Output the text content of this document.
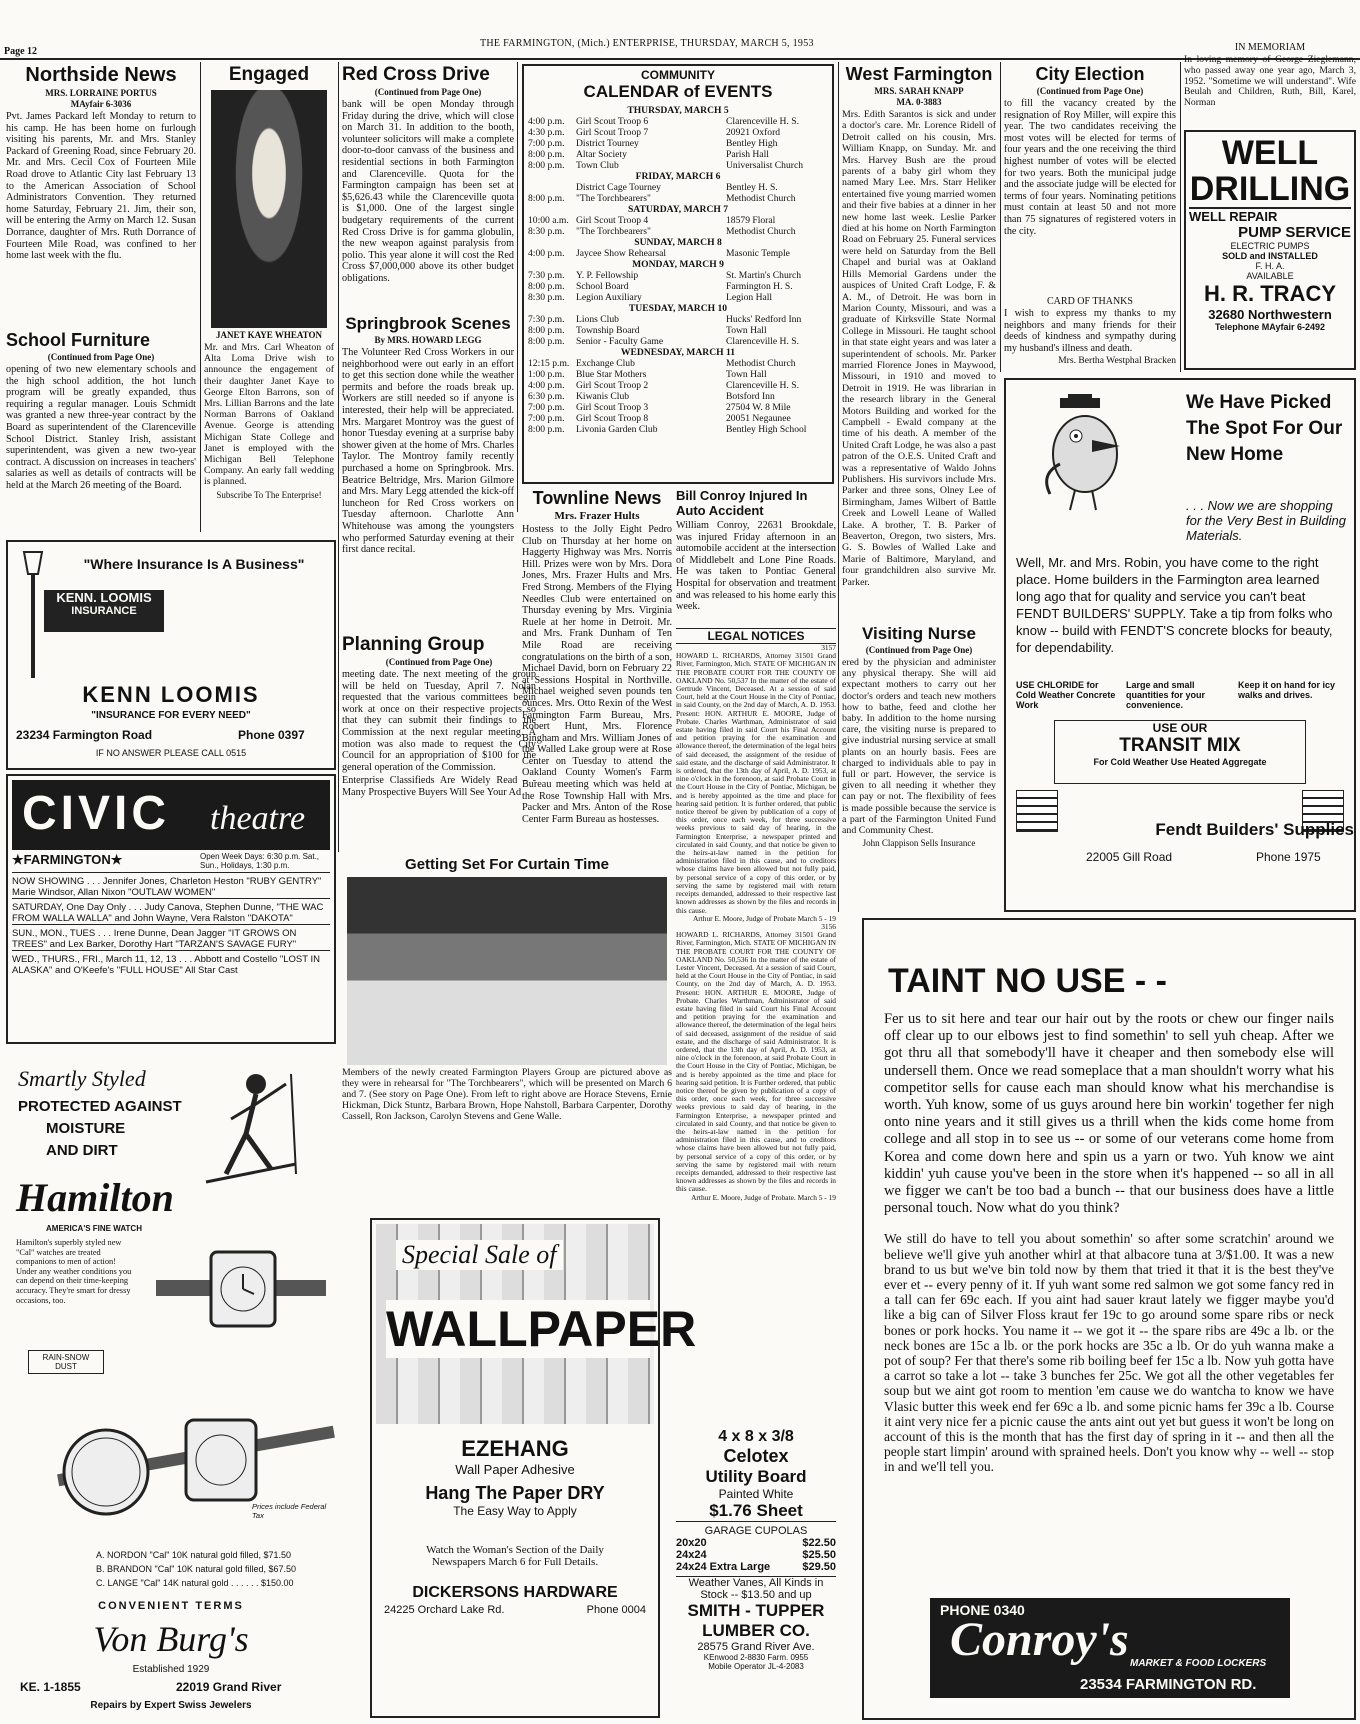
Page 12
THE FARMINGTON, (Mich.) ENTERPRISE, THURSDAY, MARCH 5, 1953
Northside News
MRS. LORRAINE PORTUS
MAyfair 6-3036

Pvt. James Packard left Monday to return to his camp. He has been home on furlough visiting his parents, Mr. and Mrs. Stanley Packard of Greening Road, since February 20. Mr. and Mrs. Cecil Cox of Fourteen Mile Road drove to Atlantic City last February 13 to the American Association of School Administrators Convention. They returned home Saturday, February 21. Jim, their son, will be entering the Army on March 12. Susan Dorrance, daughter of Mrs. Ruth Dorrance of Fourteen Mile Road, was confined to her home last week with the flu.

School Furniture
(Continued from Page One)

opening of two new elementary schools and the high school addition, the hot lunch program will be greatly expanded, thus requiring a regular manager. Louis Schmidt was granted a new three-year contract by the Board as superintendent of the Clarenceville School District. Stanley Irish, assistant superintendent, was given a new two-year contract. A discussion on increases in teachers' salaries as well as details of contracts will be held at the March 26 meeting of the Board.

Engaged
JANET KAYE WHEATON

Mr. and Mrs. Carl Wheaton of Alta Loma Drive wish to announce the engagement of their daughter Janet Kaye to George Elton Barrons, son of Mrs. Lillian Barrons and the late Norman Barrons of Oakland Avenue. George is attending Michigan State College and Janet is employed with the Michigan Bell Telephone Company. An early fall wedding is planned.

Subscribe To The Enterprise!
Red Cross Drive
(Continued from Page One)

bank will be open Monday through Friday during the drive, which will close on March 31. In addition to the booth, volunteer solicitors will make a complete door-to-door canvass of the business and residential sections in both Farmington and Clarenceville. Quota for the Farmington campaign has been set at $5,626.43 while the Clarenceville quota is $1,000. One of the largest single budgetary requirements of the current Red Cross Drive is for gamma globulin, the new weapon against paralysis from polio. This year alone it will cost the Red Cross $7,000,000 above its other budget obligations.

Springbrook Scenes
By MRS. HOWARD LEGG

The Volunteer Red Cross Workers in our neighborhood were out early in an effort to get this section done while the weather permits and before the roads break up. Workers are still needed so if anyone is interested, their help will be appreciated. Mrs. Margaret Montroy was the guest of honor Tuesday evening at a surprise baby shower given at the home of Mrs. Charles Taylor. The Montroy family recently purchased a home on Springbrook. Mrs. Beatrice Beltridge, Mrs. Marion Gilmore and Mrs. Mary Legg attended the kick-off luncheon for Red Cross workers on Tuesday afternoon. Charlotte Ann Whitehouse was among the youngsters who performed Saturday evening at their first dance recital.

Planning Group
(Continued from Page One)

meeting date. The next meeting of the group will be held on Tuesday, April 7. Nolan requested that the various committees begin work at once on their respective projects so that they can submit their findings to the Commission at the next regular meeting. A motion was also made to request the City Council for an appropriation of $100 for the general operation of the Commission.

Enterprise Classifieds Are Widely Read - - Many Prospective Buyers Will See Your Ad

COMMUNITY
CALENDAR of EVENTS
THURSDAY, MARCH 5
4:00 p.m.	Girl Scout Troop 6	Clarenceville H. S.
4:30 p.m.	Girl Scout Troop 7	20921 Oxford
7:00 p.m.	District Tourney	Bentley High
8:00 p.m.	Altar Society	Parish Hall
8:00 p.m.	Town Club	Universalist Church
FRIDAY, MARCH 6
District Cage Tourney	Bentley H. S.
8:00 p.m.	"The Torchbearers"	Methodist Church
SATURDAY, MARCH 7
10:00 a.m. Girl Scout Troop 4	18579 Floral
8:30 p.m.	"The Torchbearers"	Methodist Church
SUNDAY, MARCH 8
4:00 p.m.	Jaycee Show Rehearsal	Masonic Temple
MONDAY, MARCH 9
7:30 p.m.	Y. P. Fellowship	St. Martin's Church
8:00 p.m.	School Board	Farmington H. S.
8:30 p.m.	Legion Auxiliary	Legion Hall
TUESDAY, MARCH 10
7:30 p.m.	Lions Club	Hucks' Redford Inn
8:00 p.m.	Township Board	Town Hall
8:00 p.m.	Senior - Faculty Game	Clarenceville H. S.
WEDNESDAY, MARCH 11
12:15 p.m. Exchange Club	Methodist Church
1:00 p.m.	Blue Star Mothers	Town Hall
4:00 p.m.	Girl Scout Troop 2	Clarenceville H. S.
6:30 p.m.	Kiwanis Club	Botsford Inn
7:00 p.m.	Girl Scout Troop 3	27504 W. 8 Mile
7:00 p.m.	Girl Scout Troop 8	20051 Negaunee
8:00 p.m.	Livonia Garden Club	Bentley High School
Townline News
Mrs. Frazer Hults

Hostess to the Jolly Eight Pedro Club on Thursday at her home on Haggerty Highway was Mrs. Norris Hill. Prizes were won by Mrs. Dora Jones, Mrs. Frazer Hults and Mrs. Fred Strong. Members of the Flying Needles Club were entertained on Thursday evening by Mrs. Virginia Ruele at her home in Detroit. Mr. and Mrs. Frank Dunham of Ten Mile Road are receiving congratulations on the birth of a son, Michael David, born on February 22 at Sessions Hospital in Northville. Michael weighed seven pounds ten ounces. Mrs. Otto Rexin of the West Farmington Farm Bureau, Mrs. Robert Hunt, Mrs. Florence Bingham and Mrs. William Jones of the Walled Lake group were at Rose Center on Tuesday to attend the Oakland County Women's Farm Bureau meeting which was held at the Rose Township Hall with Mrs. Packer and Mrs. Anton of the Rose Center Farm Bureau as hostesses.

Bill Conroy Injured In Auto Accident

William Conroy, 22631 Brookdale, was injured Friday afternoon in an automobile accident at the intersection of Middlebelt and Lone Pine Roads. He was taken to Pontiac General Hospital for observation and treatment and was released to his home early this week.

LEGAL NOTICES
3157

HOWARD L. RICHARDS, Attorney 31501 Grand River, Farmington, Mich. STATE OF MICHIGAN IN THE PROBATE COURT FOR THE COUNTY OF OAKLAND No. 50,537 In the matter of the estate of Gertrude Vincent, Deceased. At a session of said Court, held at the Court House in the City of Pontiac, in said County, on the 2nd day of March, A. D. 1953. Present: HON. ARTHUR E. MOORE, Judge of Probate. Charles Warthman, Administrator of said estate having filed in said Court his Final Account and petition praying for the examination and allowance thereof, the determination of the legal heirs of said deceased, the assignment of the residue of said estate, and the discharge of said Administrator. It is ordered, that the 13th day of April, A. D. 1953, at nine o'clock in the forenoon, at said Probate Court in the Court House in the City of Pontiac, Michigan, be and is hereby appointed as the time and place for hearing said petition. It is further ordered, that public notice thereof be given by publication of a copy of this order, once each week, for three successive weeks previous to said day of hearing, in the Farmington Enterprise, a newspaper printed and circulated in said County, and that notice be given to the heirs-at-law named in the petition for administration filed in this cause, and to creditors whose claims have been allowed but not fully paid, by personal service of a copy of this order, or by serving the same by registered mail with return receipts demanded, addressed to their respective last known addresses as shown by the files and records in this cause.

Arthur E. Moore, Judge of Probate March 5 - 19
3156

HOWARD L. RICHARDS, Attorney 31501 Grand River, Farmington, Mich. STATE OF MICHIGAN IN THE PROBATE COURT FOR THE COUNTY OF OAKLAND No. 50,536 In the matter of the estate of Lester Vincent, Deceased. At a session of said Court, held at the Court House in the City of Pontiac, in said County, on the 2nd day of March, A. D. 1953. Present: HON. ARTHUR E. MOORE, Judge of Probate. Charles Warthman, Administrator of said estate having filed in said Court his Final Account and petition praying for the examination and allowance thereof, the determination of the legal heirs of said deceased, assignment of the residue of said estate, and the discharge of said Administrator. It is ordered, that the 13th day of April, A. D. 1953, at nine o'clock in the forenoon, at said Probate Court in the Court House in the City of Pontiac, Michigan, be and is hereby appointed as the time and place for hearing said petition. It is Further ordered, that public notice thereof be given by publication of a copy of this order, once each week, for three successive weeks previous to said day of hearing, in the Farmington Enterprise, a newspaper printed and circulated in said County, and that notice be given to the heirs-at-law named in the petition for administration filed in this cause, and to creditors whose claims have been allowed but not fully paid, by personal service of a copy of this order, or by serving the same by registered mail with return receipts demanded, addressed to their respective last known addresses as shown by the files and records in this cause.

Arthur E. Moore, Judge of Probate. March 5 - 19
West Farmington
MRS. SARAH KNAPP
MA. 0-3883

Mrs. Edith Sarantos is sick and under a doctor's care. Mr. Lorence Ridell of Detroit called on his cousin, Mrs. William Knapp, on Sunday. Mr. and Mrs. Harvey Bush are the proud parents of a baby girl whom they named Mary Lee. Mrs. Starr Heliker entertained five young married women and their five babies at a dinner in her new home last week. Leslie Parker died at his home on North Farmington Road on February 25. Funeral services were held on Saturday from the Bell Chapel and burial was at Oakland Hills Memorial Gardens under the auspices of United Craft Lodge, F. & A. M., of Detroit. He was born in Marion County, Missouri, and was a graduate of Kirksville State Normal College in Missouri. He taught school in that state eight years and was later a superintendent of schools. Mr. Parker married Florence Jones in Maywood, Missouri, in 1910 and moved to Detroit in 1919. He was librarian in the research library in the General Motors Building and worked for the Campbell - Ewald company at the time of his death. A member of the United Craft Lodge, he was also a past patron of the O.E.S. United Craft and was a representative of Waldo Johns Publishers. His survivors include Mrs. Parker and three sons, Olney Lee of Birmingham, James Wilbert of Battle Creek and Lowell Leane of Walled Lake. A brother, T. B. Parker of Beaverton, Oregon, two sisters, Mrs. G. S. Bowles of Walled Lake and Marie of Baltimore, Maryland, and four grandchildren also survive Mr. Parker.

Visiting Nurse
(Continued from Page One)

ered by the physician and administer any physical therapy. She will aid expectant mothers to carry out her doctor's orders and teach new mothers how to bathe, feed and clothe her baby. In addition to the home nursing care, the visiting nurse is prepared to give industrial nursing service at small plants on an hourly basis. Fees are charged to individuals able to pay in full or part. However, the service is given to all needing it whether they can pay or not. The flexibility of fees is made possible because the service is a part of the Farmington United Fund and Community Chest.

John Clappison Sells Insurance
City Election
(Continued from Page One)

to fill the vacancy created by the resignation of Roy Miller, will expire this year. The two candidates receiving the most votes will be elected for terms of four years and the one receiving the third highest number of votes will be elected for two years. Both the municipal judge and the associate judge will be elected for terms of four years. Nominating petitions must contain at least 50 and not more than 75 signatures of registered voters in the city.

CARD OF THANKS

I wish to express my thanks to my neighbors and many friends for their deeds of kindness and sympathy during my husband's illness and death.

Mrs. Bertha Westphal Bracken
IN MEMORIAM

In loving memory of George Zieglemann, who passed away one year ago, March 3, 1952. "Sometime we will understand". Wife Beulah and Children, Ruth, Bill, Karel, Norman

WELL
DRILLING
WELL REPAIR
PUMP SERVICE
ELECTRIC PUMPS
SOLD and INSTALLED
F. H. A.
AVAILABLE
H. R. TRACY
32680 Northwestern
Telephone MAyfair 6-2492
We Have Picked The Spot For Our New Home
. . . Now we are shopping for the Very Best in Building Materials.
Well, Mr. and Mrs. Robin, you have come to the right place. Home builders in the Farmington area learned long ago that for quality and service you can't beat FENDT BUILDERS' SUPPLY. Take a tip from folks who know -- build with FENDT'S concrete blocks for beauty, for dependability.
USE CHLORIDE for Cold Weather Concrete Work
Large and small quantities for your convenience.
Keep it on hand for icy walks and drives.
USE OUR
TRANSIT MIX
For Cold Weather Use Heated Aggregate
Fendt Builders' Supplies
22005 Gill Road	Phone 1975
"Where Insurance Is A Business"
KENN. LOOMIS
INSURANCE
KENN LOOMIS
"INSURANCE FOR EVERY NEED"
23234 Farmington Road	Phone 0397
IF NO ANSWER PLEASE CALL 0515
CIVIC theatre
★FARMINGTON★	Open Week Days: 6:30 p.m. Sat., Sun., Holidays, 1:30 p.m.

NOW SHOWING . . . Jennifer Jones, Charleton Heston "RUBY GENTRY" Marie Windsor, Allan Nixon "OUTLAW WOMEN"

SATURDAY, One Day Only . . . Judy Canova, Stephen Dunne, "THE WAC FROM WALLA WALLA" and John Wayne, Vera Ralston "DAKOTA"

SUN., MON., TUES . . . Irene Dunne, Dean Jagger "IT GROWS ON TREES" and Lex Barker, Dorothy Hart "TARZAN'S SAVAGE FURY"

WED., THURS., FRI., March 11, 12, 13 . . . Abbott and Costello "LOST IN ALASKA" and O'Keefe's "FULL HOUSE" All Star Cast

Smartly Styled
PROTECTED AGAINST
MOISTURE
AND DIRT
Hamilton
AMERICA'S FINE WATCH
Hamilton's superbly styled new "Cal" watches are treated companions to men of action! Under any weather conditions you can depend on their time-keeping accuracy. They're smart for dressy occasions, too.
RAIN-SNOW DUST
Prices include Federal Tax
A. NORDON "Cal" 10K natural gold filled, $71.50
B. BRANDON "Cal" 10K natural gold filled, $67.50
C. LANGE "Cal" 14K natural gold . . . . . . $150.00
CONVENIENT TERMS
Von Burg's
Established 1929
KE. 1-1855	22019 Grand River
Repairs by Expert Swiss Jewelers
Getting Set For Curtain Time

Members of the newly created Farmington Players Group are pictured above as they were in rehearsal for "The Torchbearers", which will be presented on March 6 and 7. (See story on Page One). From left to right above are Horace Stevens, Ernie Hickman, Dick Stuntz, Barbara Brown, Hope Nahstoll, Barbara Carpenter, Dorothy Cassell, Ron Jackson, Carolyn Stevens and Gene Walle.

Special Sale of
WALLPAPER
EZEHANG
Wall Paper Adhesive
Hang The Paper DRY
The Easy Way to Apply
Watch the Woman's Section of the Daily Newspapers March 6 for Full Details.
DICKERSONS HARDWARE
24225 Orchard Lake Rd.	Phone 0004
4 x 8 x 3/8
Celotex
Utility Board
Painted White
$1.76 Sheet
GARAGE CUPOLAS
20x20	$22.50
24x24	$25.50
24x24 Extra Large	$29.50
Weather Vanes, All Kinds in Stock -- $13.50 and up
SMITH - TUPPER
LUMBER CO.
28575 Grand River Ave.
KEnwood 2-8830 Farm. 0955
Mobile Operator JL-4-2083
TAINT NO USE - -

Fer us to sit here and tear our hair out by the roots or chew our finger nails off clear up to our elbows jest to find somethin' to sell yuh cheap. After we got thru all that somebody'll have it cheaper and then somebody else will undersell them. Once we read someplace that a man shouldn't worry what his competitor sells for cause each man should know what his merchandise is worth. Yuh know, some of us guys around here bin workin' together fer nigh onto nine years and it still gives us a thrill when the kids come home from college and all stop in to see us -- or some of our veterans come home from Korea and come down here and spin us a yarn or two. Yuh know we aint kiddin' yuh cause you've been in the store when it's happened -- so all in all we figger we can't be too bad a bunch -- that our business does have a little personal touch. Now what do you think?

We still do have to tell you about somethin' so after some scratchin' around we believe we'll give yuh another whirl at that albacore tuna at 3/$1.00. It was a new brand to us but we've bin told now by them that tried it that it is the best they've ever et -- every penny of it. If yuh want some red salmon we got some fancy red in a tall can fer 69c each. If you aint had sauer kraut lately we figger maybe you'd like a big can of Silver Floss kraut fer 19c to go around some spare ribs or neck bones or pork hocks. You name it -- we got it -- the spare ribs are 49c a lb. or the neck bones are 15c a lb. or the pork hocks are 35c a lb. Or do yuh wanna make a pot of soup? Fer that there's some rib boiling beef fer 15c a lb. Now yuh gotta have a carrot so take a lot -- take 3 bunches fer 25c. We got all the other vegetables fer soup but we aint got room to mention 'em cause we do wantcha to know we have Vlasic butter this week end fer 69c a lb. and some picnic hams fer 39c a lb. Course it aint very nice fer a picnic cause the ants aint out yet but guess it won't be long on account of this is the month that has the first day of spring in it -- and then all the people start limpin' around with sprained heels. Don't you know why -- well -- stop in and we'll tell you.

PHONE 0340
Conroy's MARKET & FOOD LOCKERS
23534 FARMINGTON RD.
